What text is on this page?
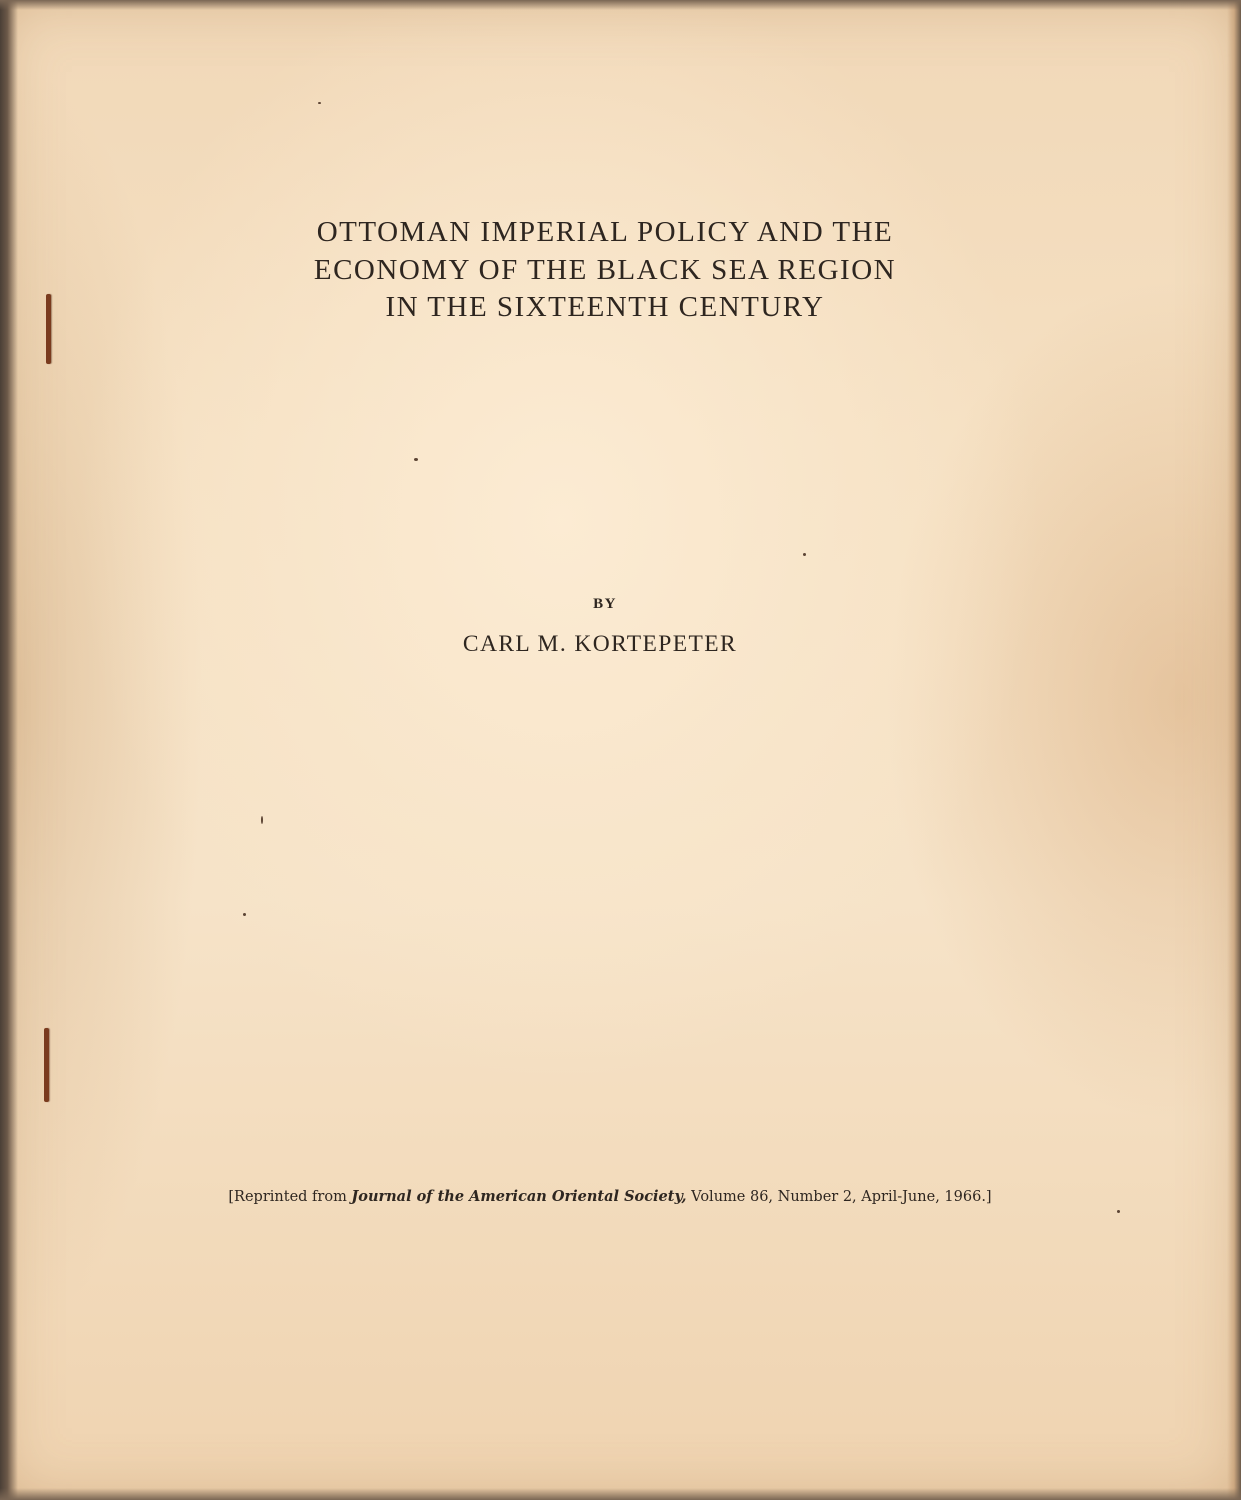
OTTOMAN IMPERIAL POLICY AND THE
ECONOMY OF THE BLACK SEA REGION
IN THE SIXTEENTH CENTURY
BY
CARL M. KORTEPETER
[Reprinted from Journal of the American Oriental Society, Volume 86, Number 2, April-June, 1966.]
